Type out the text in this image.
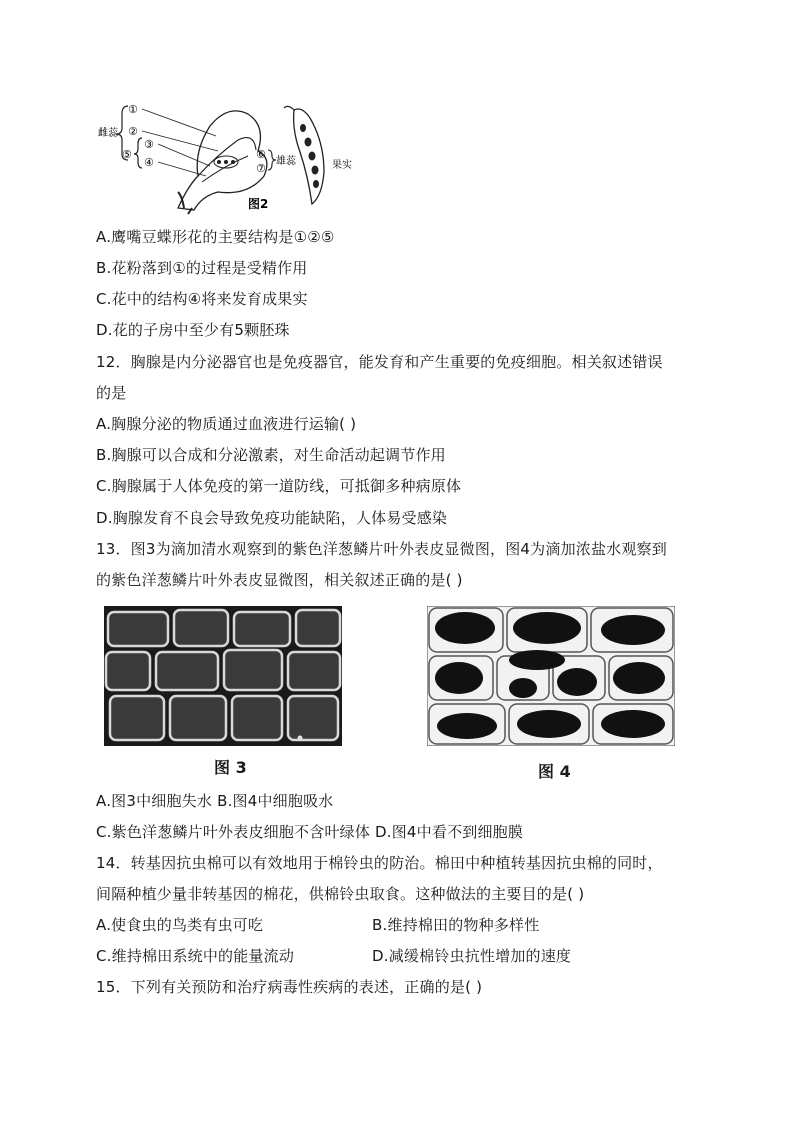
雌蕊
①
②
③
④
⑤	⑥
⑦
雄蕊
图2
果实
A.鹰嘴豆蝶形花的主要结构是①②⑤
B.花粉落到①的过程是受精作用
C.花中的结构④将来发育成果实
D.花的子房中至少有5颗胚珠
12．胸腺是内分泌器官也是免疫器官，能发育和产生重要的免疫细胞。相关叙述错误
的是
A.胸腺分泌的物质通过血液进行运输( )
B.胸腺可以合成和分泌激素，对生命活动起调节作用
C.胸腺属于人体免疫的第一道防线，可抵御多种病原体
D.胸腺发育不良会导致免疫功能缺陷，人体易受感染
13．图3为滴加清水观察到的紫色洋葱鳞片叶外表皮显微图，图4为滴加浓盐水观察到
的紫色洋葱鳞片叶外表皮显微图，相关叙述正确的是( )
图 3	图 4
A.图3中细胞失水 B.图4中细胞吸水
C.紫色洋葱鳞片叶外表皮细胞不含叶绿体 D.图4中看不到细胞膜
14．转基因抗虫棉可以有效地用于棉铃虫的防治。棉田中种植转基因抗虫棉的同时，
间隔种植少量非转基因的棉花，供棉铃虫取食。这种做法的主要目的是( )
A.使食虫的鸟类有虫可吃	B.维持棉田的物种多样性
C.维持棉田系统中的能量流动	D.减缓棉铃虫抗性增加的速度
15．下列有关预防和治疗病毒性疾病的表述，正确的是( )
